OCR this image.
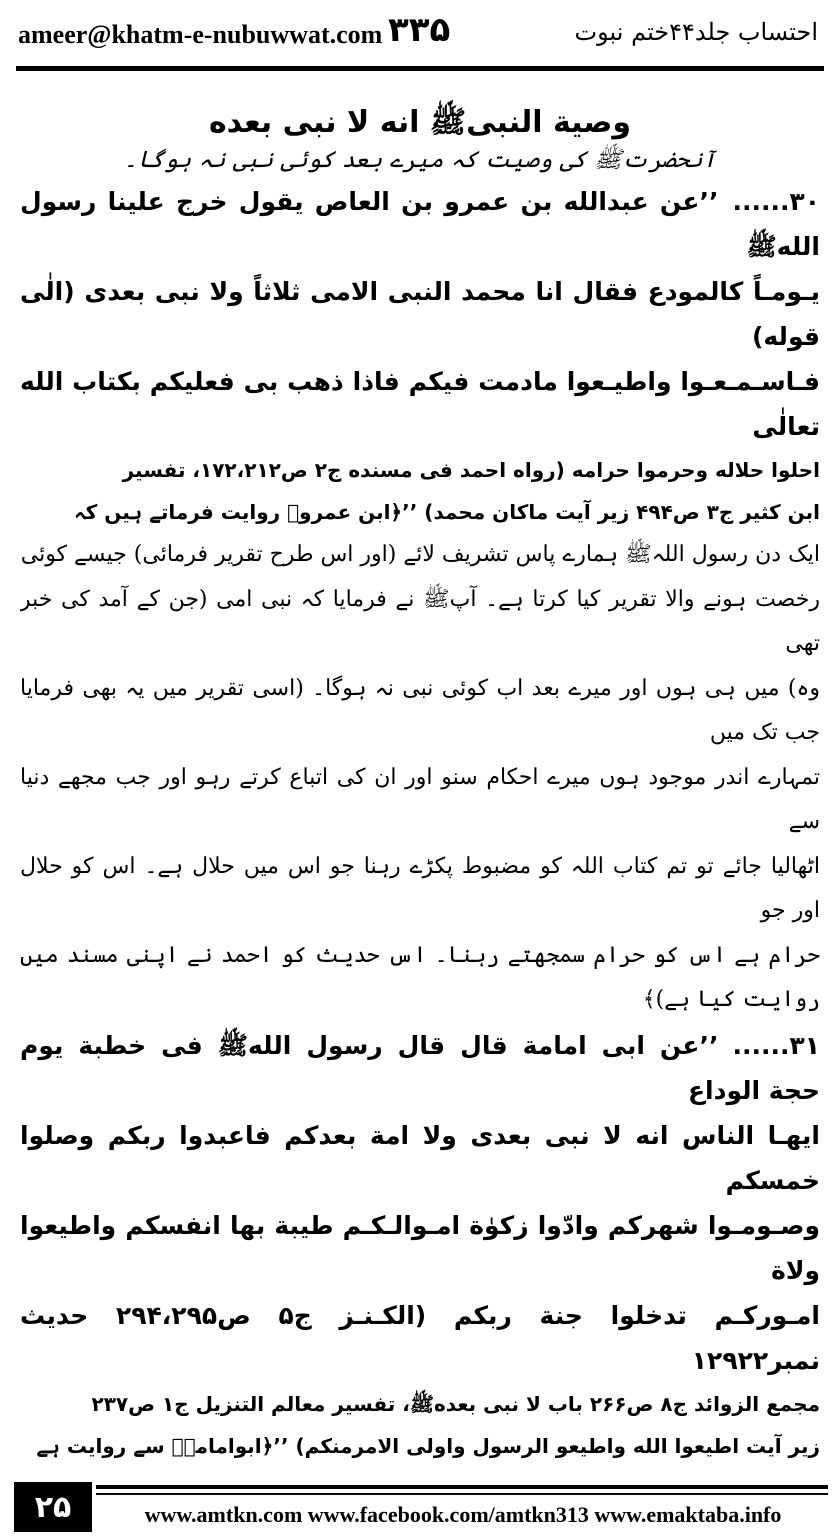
ameer@khatm-e-nubuwwat.com ۳۳۵	احتساب جلد۴۴ختم نبوت
وصية النبیﷺ انه لا نبی بعده
آنحضرتﷺ کی وصیت کہ میرے بعد کوئی نبی نہ ہوگا۔

۳۰......’’عن عبدالله بن عمرو بن العاص يقول خرج علينا رسول اللهﷺ

يـومـاً كالمودع فقال انا محمد النبی الامی ثلاثاً ولا نبی بعدی (الٰی قوله)

فـاسـمـعـوا واطيـعوا مادمت فيكم فاذا ذهب بی فعليكم بكتاب الله تعالٰی

احلوا حلاله وحرموا حرامه (رواه احمد فی مسنده ج۲ ص۱۷۲،۲۱۲، تفسیر

ابن كثير ج۳ ص۴۹۴ زير آيت ماكان محمد) ’’﴿ابن عمروؓ روایت فرماتے ہیں کہ

ایک دن رسول اللہﷺ ہمارے پاس تشریف لائے (اور اس طرح تقریر فرمائی) جیسے کوئی

رخصت ہونے والا تقریر کیا کرتا ہے۔ آپﷺ نے فرمایا کہ نبی امی (جن کے آمد کی خبر تھی

وہ) میں ہی ہوں اور میرے بعد اب کوئی نبی نہ ہوگا۔ (اسی تقریر میں یہ بھی فرمایا جب تک میں

تمہارے اندر موجود ہوں میرے احکام سنو اور ان کی اتباع کرتے رہو اور جب مجھے دنیا سے

اٹھالیا جائے تو تم کتاب اللہ کو مضبوط پکڑے رہنا جو اس میں حلال ہے۔ اس کو حلال اور جو

حرام ہے اس کو حرام سمجھتے رہنا۔ اس حدیث کو احمد نے اپنی مسند میں روایت کیا ہے)﴾

۳۱......’’عن ابی امامة قال قال رسول اللهﷺ فی خطبة يوم حجة الوداع

ايهـا الناس انه لا نبی بعدی ولا امة بعدكم فاعبدوا ربكم وصلوا خمسكم

وصـومـوا شهركم وادّوا زكوٰة امـوالـكـم طيبة بها انفسكم واطيعوا ولاة

امـوركـم تدخلوا جنة ربكم (الكـنـز ج۵ ص۲۹۴،۲۹۵ حديث نمبر۱۲۹۲۲

مجمع الزوائد ج۸ ص۲۶۶ باب لا نبی بعدهﷺ، تفسير معالم التنزيل ج۱ ص۲۳۷

زير آيت اطيعوا الله واطيعو الرسول واولی الامرمنكم) ’’﴿ابوامامہؓ سے روایت ہے

۲۵	www.amtkn.com www.facebook.com/amtkn313 www.emaktaba.info
